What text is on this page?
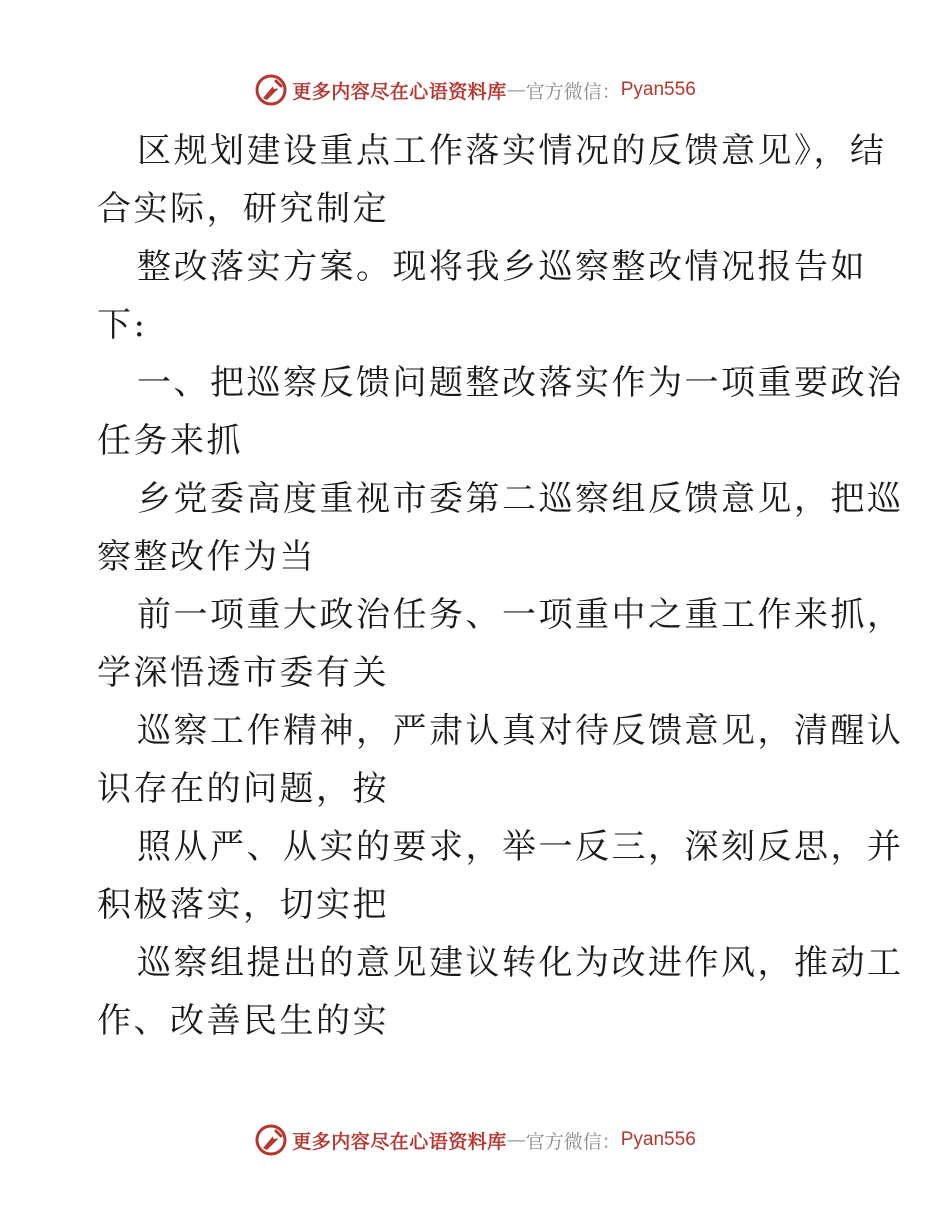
更多内容尽在心语资料库 — 官方微信： Pyan556

区规划建设重点工作落实情况的反馈意见》，结
合实际，研究制定

整改落实方案。现将我乡巡察整改情况报告如
下:

一、把巡察反馈问题整改落实作为一项重要政治
任务来抓

乡党委高度重视市委第二巡察组反馈意见，把巡
察整改作为当

前一项重大政治任务、一项重中之重工作来抓，
学深悟透市委有关

巡察工作精神，严肃认真对待反馈意见，清醒认
识存在的问题，按

照从严、从实的要求，举一反三，深刻反思，并
积极落实，切实把

巡察组提出的意见建议转化为改进作风，推动工
作、改善民生的实

更多内容尽在心语资料库 — 官方微信： Pyan556
